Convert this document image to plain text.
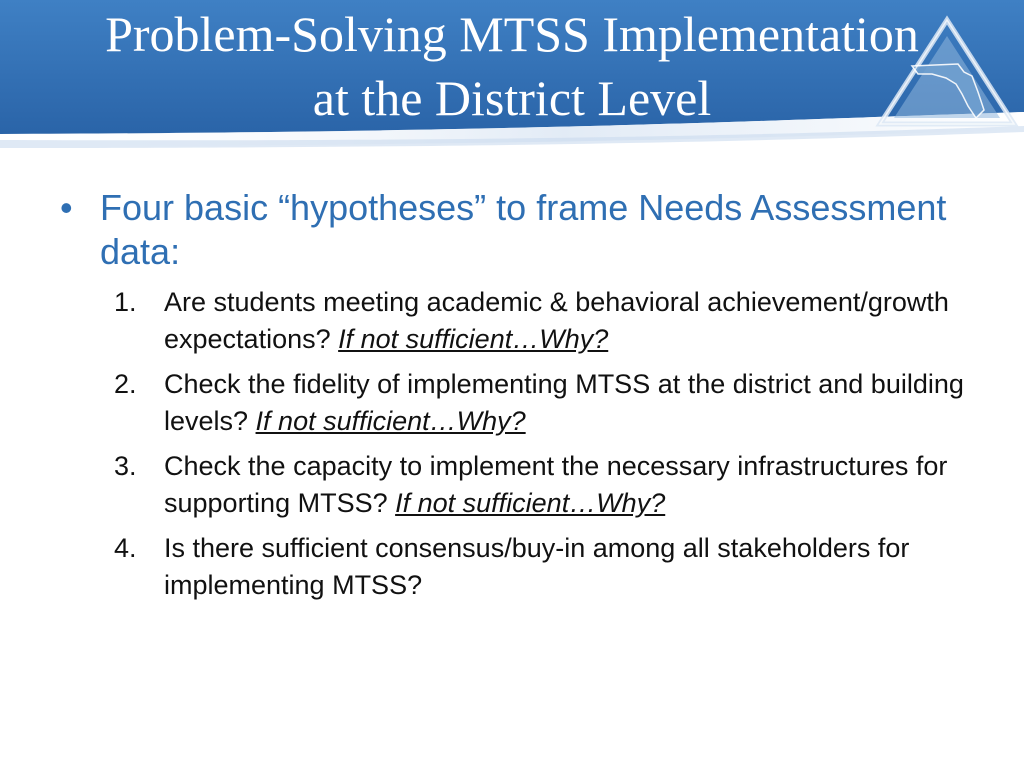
Problem-Solving MTSS Implementation
at the District Level
• Four basic “hypotheses” to frame Needs Assessment data:
1. Are students meeting academic & behavioral achievement/growth expectations? If not sufficient…Why?
2. Check the fidelity of implementing MTSS at the district and building levels? If not sufficient…Why?
3. Check the capacity to implement the necessary infrastructures for supporting MTSS? If not sufficient…Why?
4. Is there sufficient consensus/buy-in among all stakeholders for implementing MTSS?
